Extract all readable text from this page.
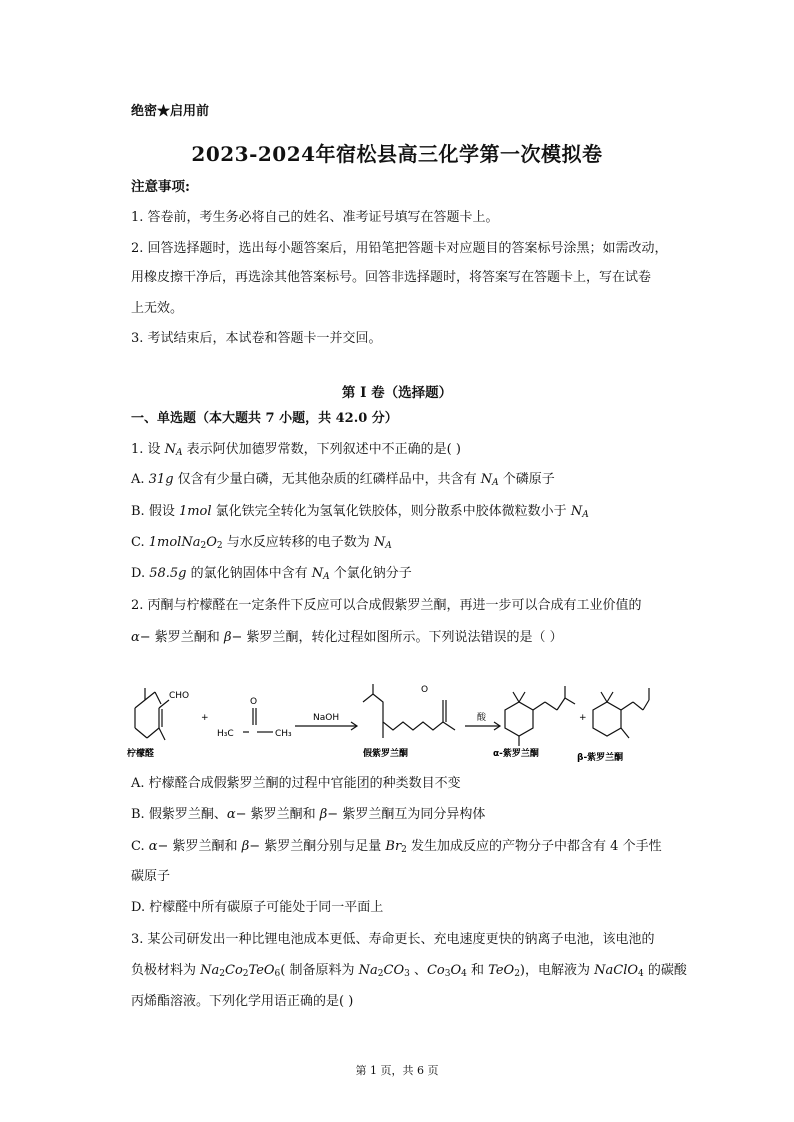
绝密★启用前
2023-2024年宿松县高三化学第一次模拟卷
注意事项:
1. 答卷前，考生务必将自己的姓名、准考证号填写在答题卡上。
2. 回答选择题时，选出每小题答案后，用铅笔把答题卡对应题目的答案标号涂黑；如需改动，
用橡皮擦干净后，再选涂其他答案标号。回答非选择题时，将答案写在答题卡上，写在试卷
上无效。
3. 考试结束后，本试卷和答题卡一并交回。
第 I 卷（选择题）
一、单选题（本大题共 7 小题，共 42.0 分）
1. 设 $N_A$ 表示阿伏加德罗常数，下列叙述中不正确的是( )
A. 31g 仅含有少量白磷，无其他杂质的红磷样品中，共含有 $N_A$ 个磷原子
B. 假设 1mol 氯化铁完全转化为氢氧化铁胶体，则分散系中胶体微粒数小于 $N_A$
C. $1molNa_2O_2$ 与水反应转移的电子数为 $N_A$
D. 58.5g 的氯化钠固体中含有 $N_A$ 个氯化钠分子
2. 丙酮与柠檬醛在一定条件下反应可以合成假紫罗兰酮，再进一步可以合成有工业价值的
α− 紫罗兰酮和 β− 紫罗兰酮，转化过程如图所示。下列说法错误的是（ ）
CHO
+
H₃C	CH₃
O
NaOH	酸
O
+
柠檬醛	假紫罗兰酮	α-紫罗兰酮	β-紫罗兰酮
A. 柠檬醛合成假紫罗兰酮的过程中官能团的种类数目不变
B. 假紫罗兰酮、α− 紫罗兰酮和 β− 紫罗兰酮互为同分异构体
C. α− 紫罗兰酮和 β− 紫罗兰酮分别与足量 $Br_2$ 发生加成反应的产物分子中都含有 4 个手性
碳原子
D. 柠檬醛中所有碳原子可能处于同一平面上
3. 某公司研发出一种比锂电池成本更低、寿命更长、充电速度更快的钠离子电池，该电池的
负极材料为 $Na_2Co_2TeO_6$( 制备原料为 $Na_2CO_3$ 、$Co_3O_4$ 和 TeO$_2$)，电解液为 NaClO$_4$ 的碳酸
丙烯酯溶液。下列化学用语正确的是( )
第 1 页，共 6 页
